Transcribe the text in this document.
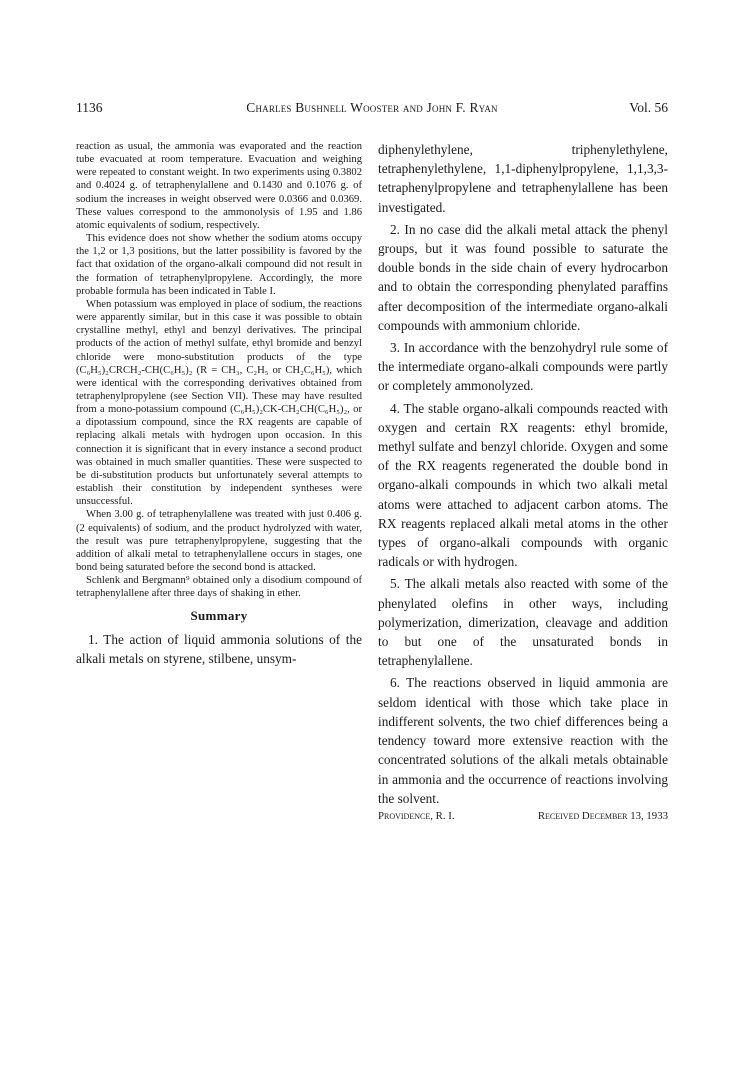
1136	Charles Bushnell Wooster and John F. Ryan	Vol. 56

reaction as usual, the ammonia was evaporated and the reaction tube evacuated at room temperature. Evacuation and weighing were repeated to constant weight. In two experiments using 0.3802 and 0.4024 g. of tetraphenylallene and 0.1430 and 0.1076 g. of sodium the increases in weight observed were 0.0366 and 0.0369. These values correspond to the ammonolysis of 1.95 and 1.86 atomic equivalents of sodium, respectively.

This evidence does not show whether the sodium atoms occupy the 1,2 or 1,3 positions, but the latter possibility is favored by the fact that oxidation of the organo-alkali compound did not result in the formation of tetraphenylpropylene. Accordingly, the more probable formula has been indicated in Table I.

When potassium was employed in place of sodium, the reactions were apparently similar, but in this case it was possible to obtain crystalline methyl, ethyl and benzyl derivatives. The principal products of the action of methyl sulfate, ethyl bromide and benzyl chloride were mono-substitution products of the type (C₆H₅)₂CRCH₂-CH(C₆H₅)₂ (R = CH₃, C₂H₅ or CH₂C₆H₅), which were identical with the corresponding derivatives obtained from tetraphenylpropylene (see Section VII). These may have resulted from a mono-potassium compound (C₆H₅)₂CK-CH₂CH(C₆H₅)₂, or a dipotassium compound, since the RX reagents are capable of replacing alkali metals with hydrogen upon occasion. In this connection it is significant that in every instance a second product was obtained in much smaller quantities. These were suspected to be di-substitution products but unfortunately several attempts to establish their constitution by independent syntheses were unsuccessful.

When 3.00 g. of tetraphenylallene was treated with just 0.406 g. (2 equivalents) of sodium, and the product hydrolyzed with water, the result was pure tetraphenylpropylene, suggesting that the addition of alkali metal to tetraphenylallene occurs in stages, one bond being saturated before the second bond is attacked.

Schlenk and Bergmann⁹ obtained only a disodium compound of tetraphenylallene after three days of shaking in ether.

Summary

1. The action of liquid ammonia solutions of the alkali metals on styrene, stilbene, unsym-

diphenylethylene, triphenylethylene, tetraphenylethylene, 1,1-diphenylpropylene, 1,1,3,3-tetraphenylpropylene and tetraphenylallene has been investigated.

2. In no case did the alkali metal attack the phenyl groups, but it was found possible to saturate the double bonds in the side chain of every hydrocarbon and to obtain the corresponding phenylated paraffins after decomposition of the intermediate organo-alkali compounds with ammonium chloride.

3. In accordance with the benzohydryl rule some of the intermediate organo-alkali compounds were partly or completely ammonolyzed.

4. The stable organo-alkali compounds reacted with oxygen and certain RX reagents: ethyl bromide, methyl sulfate and benzyl chloride. Oxygen and some of the RX reagents regenerated the double bond in organo-alkali compounds in which two alkali metal atoms were attached to adjacent carbon atoms. The RX reagents replaced alkali metal atoms in the other types of organo-alkali compounds with organic radicals or with hydrogen.

5. The alkali metals also reacted with some of the phenylated olefins in other ways, including polymerization, dimerization, cleavage and addition to but one of the unsaturated bonds in tetraphenylallene.

6. The reactions observed in liquid ammonia are seldom identical with those which take place in indifferent solvents, the two chief differences being a tendency toward more extensive reaction with the concentrated solutions of the alkali metals obtainable in ammonia and the occurrence of reactions involving the solvent.

Providence, R. I.	Received December 13, 1933
